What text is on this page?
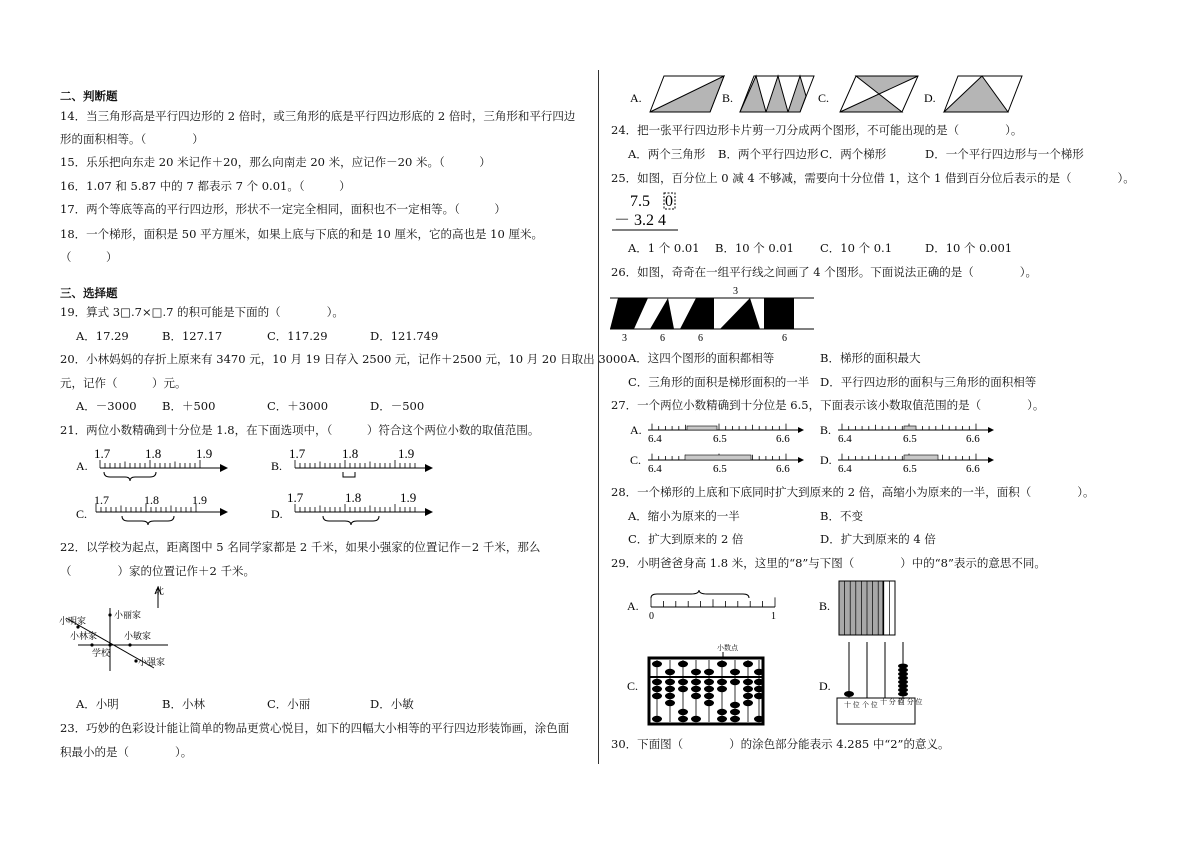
二、判断题
14．当三角形高是平行四边形的 2 倍时，或三角形的底是平行四边形底的 2 倍时，三角形和平行四边
形的面积相等。（　　　　）
15．乐乐把向东走 20 米记作＋20，那么向南走 20 米，应记作－20 米。（　　　）
16．1.07 和 5.87 中的 7 都表示 7 个 0.01。（　　　）
17．两个等底等高的平行四边形，形状不一定完全相同，面积也不一定相等。（　　　）
18．一个梯形，面积是 50 平方厘米，如果上底与下底的和是 10 厘米，它的高也是 10 厘米。
（　　　）
三、选择题
19．算式 3□.7×□.7 的积可能是下面的（　　　　）。
A．17.29	B．127.17	C．117.29	D．121.749
20．小林妈妈的存折上原来有 3470 元，10 月 19 日存入 2500 元，记作＋2500 元，10 月 20 日取出 3000
元，记作（　　　）元。
A．－3000 B．＋500	C．＋3000	D．－500
21．两位小数精确到十分位是 1.8，在下面选项中，（　　　）符合这个两位小数的取值范围。
A.
1.7	1.8	1.9
B.
1.7	1.8	1.9
C.
1.7	1.8	1.9
D.
1.7	1.8	1.9
22．以学校为起点，距离图中 5 名同学家都是 2 千米，如果小强家的位置记作－2 千米，那么
（　　　　）家的位置记作＋2 千米。
北
小明家
小丽家
小林家	小敏家
学校
小强家
A．小明	B．小林	C．小丽	D．小敏
23．巧妙的色彩设计能让简单的物品更赏心悦目，如下的四幅大小相等的平行四边形装饰画，涂色面
积最小的是（　　　　）。
A.	B.	C.	D.
24．把一张平行四边形卡片剪一刀分成两个图形，不可能出现的是（　　　　）。
A．两个三角形 B．两个平行四边形 C．两个梯形	D．一个平行四边形与一个梯形
25．如图，百分位上 0 减 4 不够减，需要向十分位借 1，这个 1 借到百分位后表示的是（　　　　）。
7.5 0
－ 3.2 4
A．1 个 0.01 B．10 个 0.01 C．10 个 0.1	D．10 个 0.001
26．如图，奇奇在一组平行线之间画了 4 个图形。下面说法正确的是（　　　　）。
3
3	6	6	6
A．这四个图形的面积都相等	B．梯形的面积最大
C．三角形的面积是梯形面积的一半 D．平行四边形的面积与三角形的面积相等
27．一个两位小数精确到十分位是 6.5，下面表示该小数取值范围的是（　　　　）。
A.
6.4	6.5	6.6
B.
6.4	6.5	6.6
C.
6.4	6.5	6.6
D.
6.4	6.5	6.6
28．一个梯形的上底和下底同时扩大到原来的 2 倍，高缩小为原来的一半，面积（　　　　）。
A．缩小为原来的一半	B．不变
C．扩大到原来的 2 倍	D．扩大到原来的 4 倍
29．小明爸爸身高 1.8 米，这里的“8”与下图（　　　　）中的“8”表示的意思不同。
A.
0	1
B.
C.
小数点
D.
十 位 个 位 十 分 位
百 分 位
30．下面图（　　　　）的涂色部分能表示 4.285 中“2”的意义。
